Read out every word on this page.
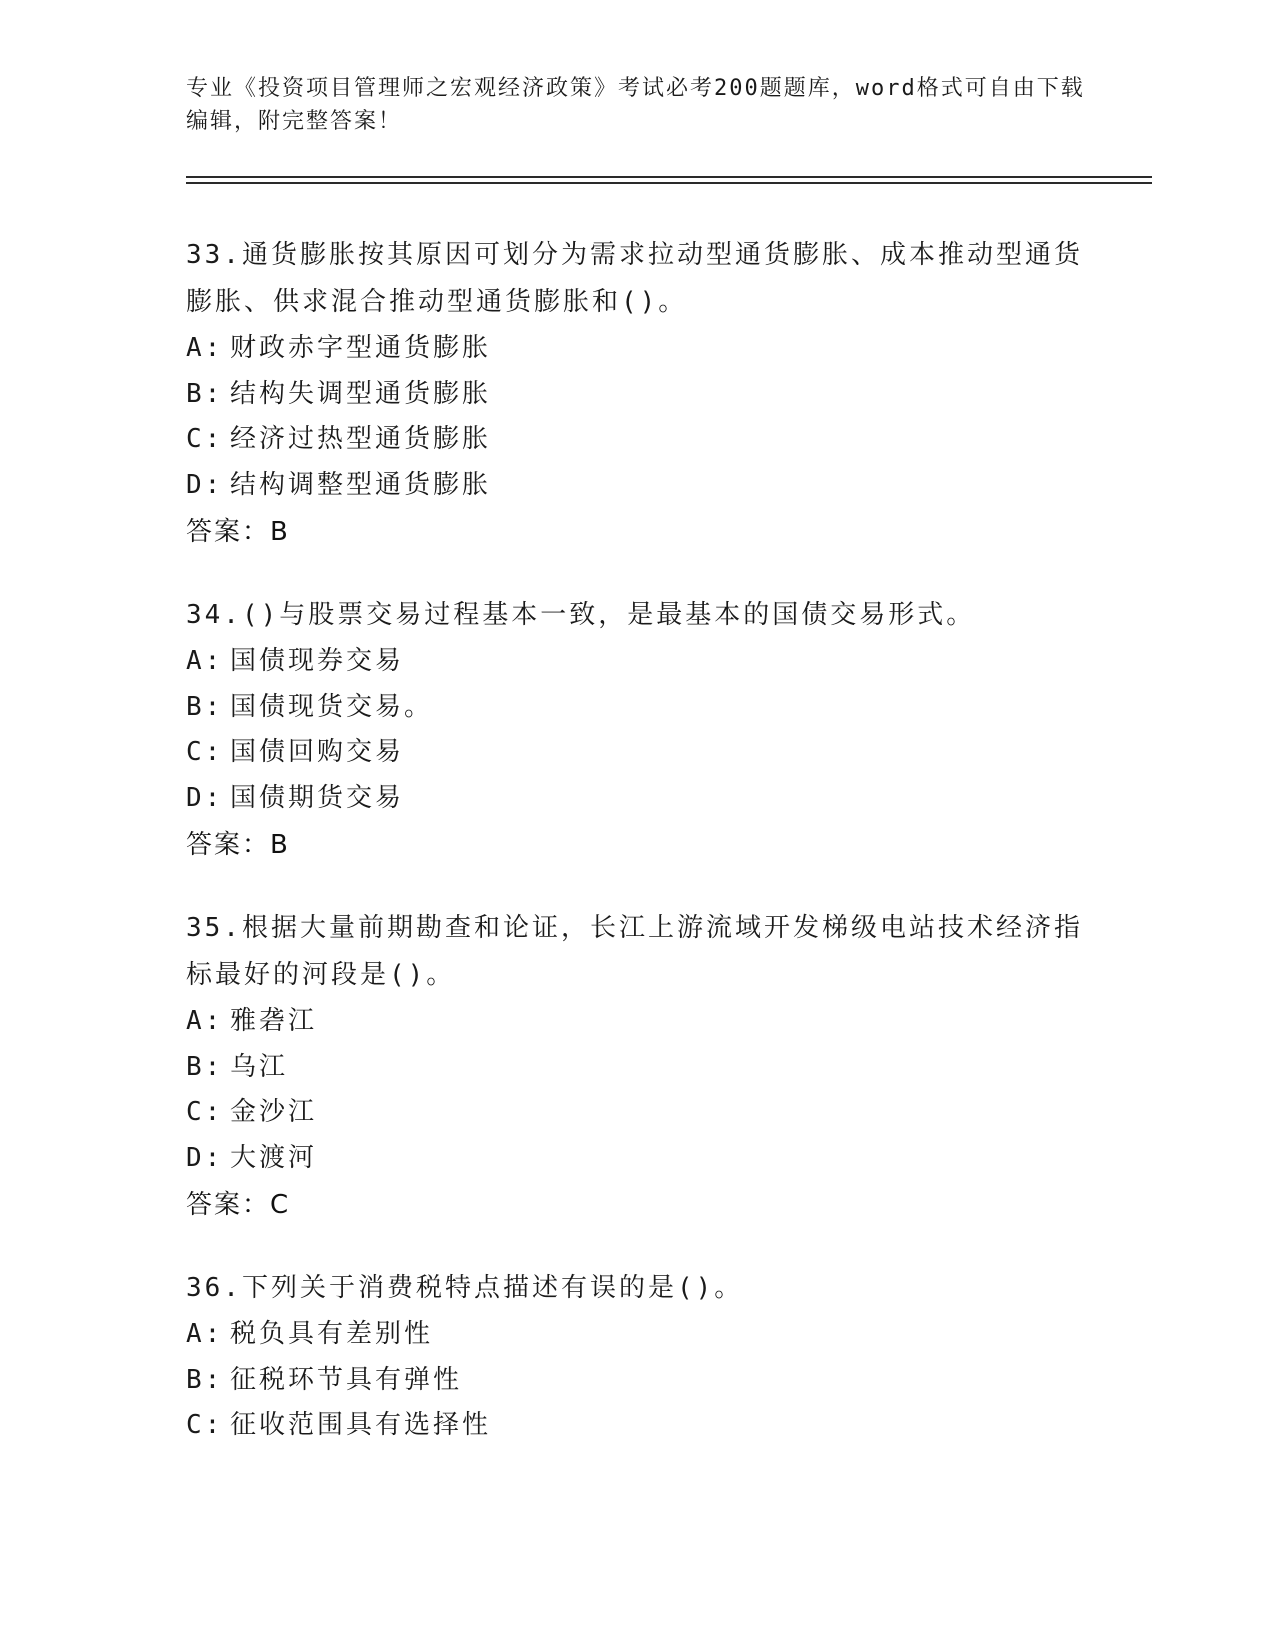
专业《投资项目管理师之宏观经济政策》考试必考200题题库，word格式可自由下载编辑，附完整答案！

33.通货膨胀按其原因可划分为需求拉动型通货膨胀、成本推动型通货膨胀、供求混合推动型通货膨胀和()。

A: 财政赤字型通货膨胀

B: 结构失调型通货膨胀

C: 经济过热型通货膨胀

D: 结构调整型通货膨胀

答案：B

34.()与股票交易过程基本一致，是最基本的国债交易形式。

A: 国债现券交易

B: 国债现货交易。

C: 国债回购交易

D: 国债期货交易

答案：B

35.根据大量前期勘查和论证，长江上游流域开发梯级电站技术经济指标最好的河段是()。

A: 雅砻江

B: 乌江

C: 金沙江

D: 大渡河

答案：C

36.下列关于消费税特点描述有误的是()。

A: 税负具有差别性

B: 征税环节具有弹性

C: 征收范围具有选择性
